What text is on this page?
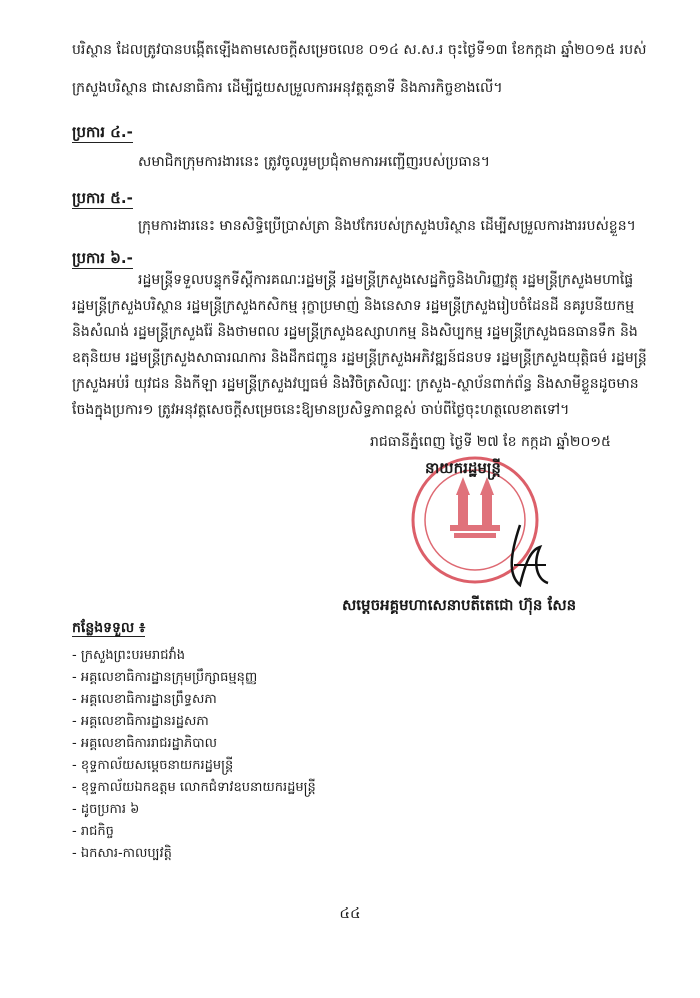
បរិស្ថាន ដែលត្រូវបានបង្កើតឡើងតាមសេចក្តីសម្រេចលេខ ០១៤ ស.ស.រ ចុះថ្ងៃទី១៣ ខែកក្កដា ឆ្នាំ២០១៥ របស់
ក្រសួងបរិស្ថាន ជាសេនាធិការ ដើម្បីជួយសម្រួលការអនុវត្តតួនាទី និងភារកិច្ចខាងលើ។
ប្រការ ៤.-
សមាជិកក្រុមការងារនេះ ត្រូវចូលរួមប្រជុំតាមការអញ្ជើញរបស់ប្រធាន។
ប្រការ ៥.-
ក្រុមការងារនេះ មានសិទ្ធិប្រើប្រាស់ត្រា និងឋកែរបស់ក្រសួងបរិស្ថាន ដើម្បីសម្រួលការងាររបស់ខ្លួន។
ប្រការ ៦.-
រដ្ឋមន្ត្រីទទួលបន្ទុកទីស្តីការគណៈរដ្ឋមន្ត្រី រដ្ឋមន្ត្រីក្រសួងសេដ្ឋកិច្ចនិងហិរញ្ញវត្ថុ រដ្ឋមន្ត្រីក្រសួងមហាផ្ទៃ
រដ្ឋមន្ត្រីក្រសួងបរិស្ថាន រដ្ឋមន្ត្រីក្រសួងកសិកម្ម រុក្ខាប្រមាញ់ និងនេសាទ រដ្ឋមន្ត្រីក្រសួងរៀបចំដែនដី នគរូបនីយកម្ម
និងសំណង់ រដ្ឋមន្ត្រីក្រសួងរ៉ែ និងថាមពល រដ្ឋមន្ត្រីក្រសួងឧស្សាហកម្ម និងសិប្បកម្ម រដ្ឋមន្ត្រីក្រសួងធនធានទឹក និង
ឧតុនិយម រដ្ឋមន្ត្រីក្រសួងសាធារណការ និងដឹកជញ្ជូន រដ្ឋមន្ត្រីក្រសួងអភិវឌ្ឍន៍ជនបទ រដ្ឋមន្ត្រីក្រសួងយុត្តិធម៌ រដ្ឋមន្ត្រី
ក្រសួងអប់រំ យុវជន និងកីឡា រដ្ឋមន្ត្រីក្រសួងវប្បធម៌ និងវិចិត្រសិល្បៈ ក្រសួង-ស្ថាប័នពាក់ព័ន្ធ និងសាមីខ្លួនដូចមាន
ចែងក្នុងប្រការ១ ត្រូវអនុវត្តសេចក្តីសម្រេចនេះឱ្យមានប្រសិទ្ធភាពខ្ពស់ ចាប់ពីថ្ងៃចុះហត្ថលេខាតទៅ។
រាជធានីភ្នំពេញ ថ្ងៃទី ២៧ ខែ កក្កដា ឆ្នាំ២០១៥
នាយករដ្ឋមន្ត្រី
សម្តេចអគ្គមហាសេនាបតីតេជោ ហ៊ុន សែន
កន្លែងទទួល ៖
- ក្រសួងព្រះបរមរាជវាំង
- អគ្គលេខាធិការដ្ឋានក្រុមប្រឹក្សាធម្មនុញ្ញ
- អគ្គលេខាធិការដ្ឋានព្រឹទ្ធសភា
- អគ្គលេខាធិការដ្ឋានរដ្ឋសភា
- អគ្គលេខាធិការរាជរដ្ឋាភិបាល
- ខុទ្ទកាល័យសម្តេចនាយករដ្ឋមន្ត្រី
- ខុទ្ទកាល័យឯកឧត្តម លោកជំទាវឧបនាយករដ្ឋមន្ត្រី
- ដូចប្រការ ៦
- រាជកិច្ច
- ឯកសារ-កាលប្បវត្តិ
៤៤
